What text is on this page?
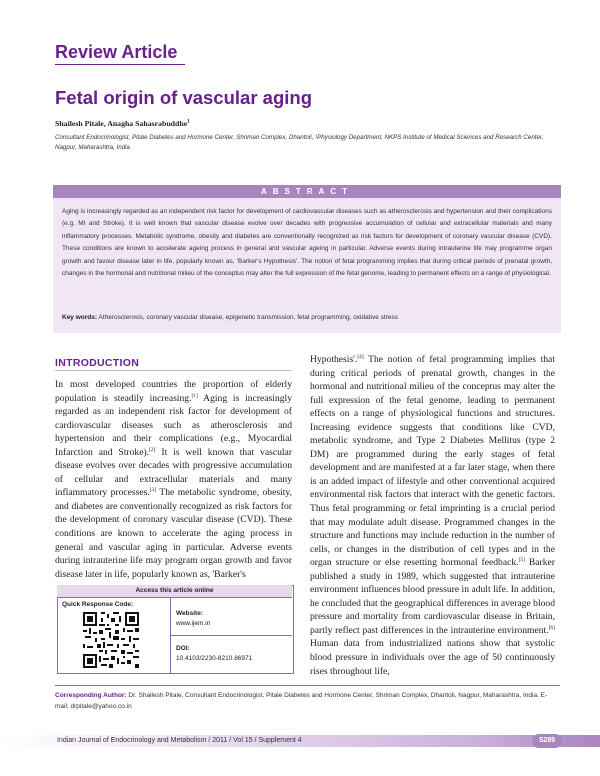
Review Article
Fetal origin of vascular aging
Shailesh Pitale, Anagha Sahasrabuddhe$^1$
Consultant Endocrinologist, Pitale Diabetes and Hormone Center, Shriman Complex, Dhantoli, ¹Physiology Department, NKPS Institute of Medical Sciences and Research Center, Nagpur, Maharashtra, India
ABSTRACT
Aging is increasingly regarded as an independent risk factor for development of cardiovascular diseases such as atherosclerosis and hypertension and their complications (e.g. MI and Stroke). It is well known that vascular disease evolve over decades with progressive accumulation of cellular and extracellular materials and many inflammatory processes. Metabolic syndrome, obesity and diabetes are conventionally recognized as risk factors for development of coronary vascular disease (CVD). These conditions are known to accelerate ageing process in general and vascular ageing in particular. Adverse events during intrauterine life may programme organ growth and favour disease later in life, popularly known as, 'Barker's Hypothesis'. The notion of fetal programming implies that during critical periods of prenatal growth, changes in the hormonal and nutritional milieu of the conceptus may alter the full expression of the fetal genome, leading to permanent effects on a range of physiological.
Key words: Atherosclerosis, coronary vascular disease, epigenetic transmission, fetal programming, oxidative stress
INTRODUCTION
In most developed countries the proportion of elderly population is steadily increasing.[1] Aging is increasingly regarded as an independent risk factor for development of cardiovascular diseases such as atherosclerosis and hypertension and their complications (e.g., Myocardial Infarction and Stroke).[2] It is well known that vascular disease evolves over decades with progressive accumulation of cellular and extracellular materials and many inflammatory processes.[3] The metabolic syndrome, obesity, and diabetes are conventionally recognized as risk factors for the development of coronary vascular disease (CVD). These conditions are known to accelerate the aging process in general and vascular aging in particular. Adverse events during intrauterine life may program organ growth and favor disease later in life, popularly known as, 'Barker's
Hypothesis'.[4] The notion of fetal programming implies that during critical periods of prenatal growth, changes in the hormonal and nutritional milieu of the conceptus may alter the full expression of the fetal genome, leading to permanent effects on a range of physiological functions and structures. Increasing evidence suggests that conditions like CVD, metabolic syndrome, and Type 2 Diabetes Mellitus (type 2 DM) are programmed during the early stages of fetal development and are manifested at a far later stage, when there is an added impact of lifestyle and other conventional acquired environmental risk factors that interact with the genetic factors. Thus fetal programming or fetal imprinting is a crucial period that may modulate adult disease. Programmed changes in the structure and functions may include reduction in the number of cells, or changes in the distribution of cell types and in the organ structure or else resetting hormonal feedback.[5] Barker published a study in 1989, which suggested that intrauterine environment influences blood pressure in adult life. In addition, he concluded that the geographical differences in average blood pressure and mortality from cardiovascular disease in Britain, partly reflect past differences in the intrauterine environment.[6] Human data from industrialized nations show that systolic blood pressure in individuals over the age of 50 continuously rises throughout life,
Access this article online
Quick Response Code:
Website:
www.ijem.in
DOI:
10.4103/2230-8210.86971
Corresponding Author: Dr. Shailesh Pitale, Consultant Endocrinologist, Pitale Diabetes and Hormone Center, Shriman Complex, Dhantoli, Nagpur, Maharashtra, India. E-mail: drpitale@yahoo.co.in
Indian Journal of Endocrinology and Metabolism / 2011 / Vol 15 / Supplement 4	S289
